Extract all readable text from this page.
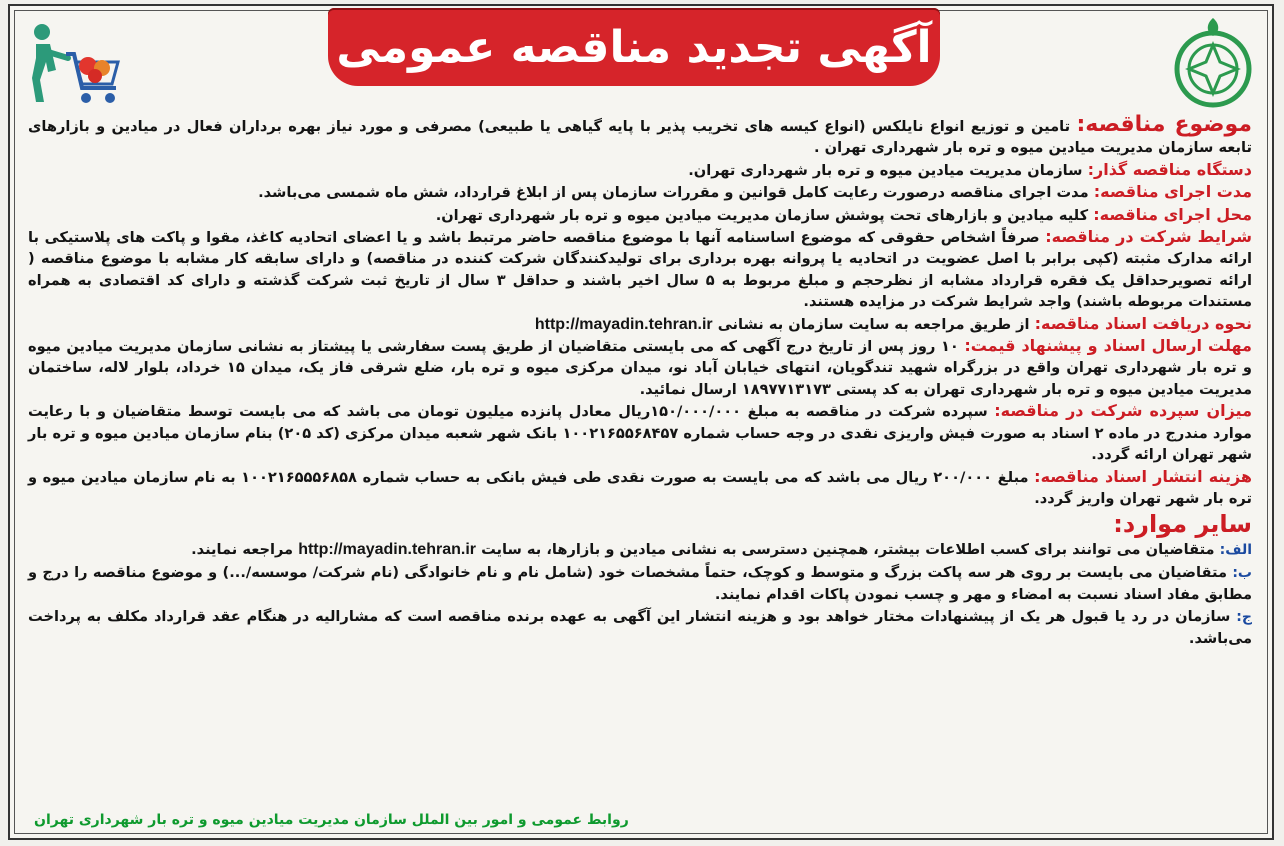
آگهی تجدید مناقصه عمومی

موضوع مناقصه: تامین و توزیع انواع نایلکس (انواع کیسه های تخریب پذیر با پایه گیاهی یا طبیعی) مصرفی و مورد نیاز بهره برداران فعال در میادین و بازارهای تابعه سازمان مدیریت میادین میوه و تره بار شهرداری تهران .

دستگاه مناقصه گذار: سازمان مدیریت میادین میوه و تره بار شهرداری تهران.

مدت اجرای مناقصه: مدت اجرای مناقصه درصورت رعایت کامل قوانین و مقررات سازمان پس از ابلاغ قرارداد، شش ماه شمسی می‌باشد.

محل اجرای مناقصه: کلیه میادین و بازارهای تحت پوشش سازمان مدیریت میادین میوه و تره بار شهرداری تهران.

شرایط شرکت در مناقصه: صرفاً اشخاص حقوقی که موضوع اساسنامه آنها با موضوع مناقصه حاضر مرتبط باشد و یا اعضای اتحادیه کاغذ، مقوا و پاکت های پلاستیکی با ارائه مدارک مثبته (کپی برابر با اصل عضویت در اتحادیه یا پروانه بهره برداری برای تولیدکنندگان شرکت کننده در مناقصه) و دارای سابقه کار مشابه با موضوع مناقصه ( ارائه تصویرحداقل یک فقره قرارداد مشابه از نظرحجم و مبلغ مربوط به ۵ سال اخیر باشند و حداقل ۳ سال از تاریخ ثبت شرکت گذشته و دارای کد اقتصادی به همراه مستندات مربوطه باشند) واجد شرایط شرکت در مزایده هستند.

نحوه دریافت اسناد مناقصه: از طریق مراجعه به سایت سازمان به نشانی http://mayadin.tehran.ir

مهلت ارسال اسناد و پیشنهاد قیمت: ۱۰ روز پس از تاریخ درج آگهی که می بایستی متقاضیان از طریق پست سفارشی یا پیشتاز به نشانی سازمان مدیریت میادین میوه و تره بار شهرداری تهران واقع در بزرگراه شهید تندگویان، انتهای خیابان آباد نو، میدان مرکزی میوه و تره بار، ضلع شرقی فاز یک، میدان ۱۵ خرداد، بلوار لاله، ساختمان مدیریت میادین میوه و تره بار شهرداری تهران به کد پستی ۱۸۹۷۷۱۳۱۷۳ ارسال نمائید.

میزان سپرده شرکت در مناقصه: سپرده شرکت در مناقصه به مبلغ ۱۵۰/۰۰۰/۰۰۰ریال معادل پانزده میلیون تومان می باشد که می بایست توسط متقاضیان و با رعایت موارد مندرج در ماده ۲ اسناد به صورت فیش واریزی نقدی در وجه حساب شماره ۱۰۰۲۱۶۵۵۶۸۴۵۷ بانک شهر شعبه میدان مرکزی (کد ۲۰۵) بنام سازمان میادین میوه و تره بار شهر تهران ارائه گردد.

هزینه انتشار اسناد مناقصه: مبلغ ۲۰۰/۰۰۰ ریال می باشد که می بایست به صورت نقدی طی فیش بانکی به حساب شماره ۱۰۰۲۱۶۵۵۵۶۸۵۸ به نام سازمان میادین میوه و تره بار شهر تهران واریز گردد.

سایر موارد:

الف: متقاضیان می توانند برای کسب اطلاعات بیشتر، همچنین دسترسی به نشانی میادین و بازارها، به سایت http://mayadin.tehran.ir مراجعه نمایند.

ب: متقاضیان می بایست بر روی هر سه پاکت بزرگ و متوسط و کوچک، حتماً مشخصات خود (شامل نام و نام خانوادگی (نام شرکت/ موسسه/...) و موضوع مناقصه را درج و مطابق مفاد اسناد نسبت به امضاء و مهر و چسب نمودن پاکات اقدام نمایند.

ج: سازمان در رد یا قبول هر یک از پیشنهادات مختار خواهد بود و هزینه انتشار این آگهی به عهده برنده مناقصه است که مشارالیه در هنگام عقد قرارداد مکلف به پرداخت می‌باشد.

روابط عمومی و امور بین الملل سازمان مدیریت میادین میوه و تره بار شهرداری تهران
